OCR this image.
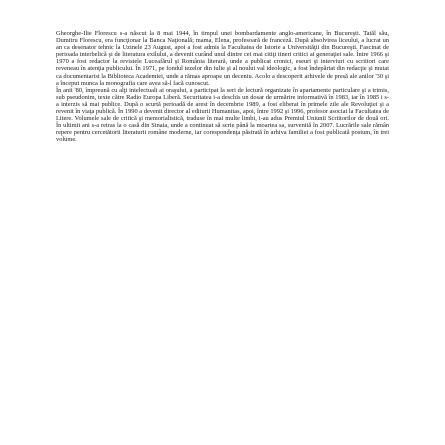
Gheorghe-Ilie Florescu s-a născut la 8 mai 1944, în timpul unei bombardamente anglo-americane, în Bucureşti. Tatăl său, Dumitru Florescu, era funcţionar la Banca Naţională; mama, Elena, profesoară de franceză. După absolvirea liceului, a lucrat un an ca desenator tehnic la Uzinele 23 August, apoi a fost admis la Facultatea de Istorie a Universităţii din Bucureşti. Fascinat de perioada interbelică şi de literatura exilului, a devenit curând unul dintre cei mai citiţi tineri critici ai generaţiei sale. Între 1966 şi 1970 a fost redactor la revistele Luceafărul şi România literară, unde a publicat cronici, eseuri şi interviuri cu scriitori care reveneau în atenţia publicului. În 1971, pe fondul tezelor din iulie şi al noului val ideologic, a fost îndepărtat din redacţie şi mutat ca documentarist la Biblioteca Academiei, unde a rămas aproape un deceniu. Acolo a descoperit arhivele de presă ale anilor '30 şi a început munca la monografia care avea să-l facă cunoscut.

În anii '80, împreună cu alţi intelectuali ai oraşului, a participat la seri de lectură organizate în apartamente particulare şi a trimis, sub pseudonim, texte către Radio Europa Liberă. Securitatea i-a deschis un dosar de urmărire informativă în 1983, iar în 1985 i s-a interzis să mai publice. După o scurtă perioadă de arest în decembrie 1989, a fost eliberat în primele zile ale Revoluţiei şi a revenit în viaţa publică. În 1990 a devenit director al editurii Humanitas, apoi, între 1992 şi 1996, profesor asociat la Facultatea de Litere. Volumele sale de critică şi memorialistică, traduse în mai multe limbi, i-au adus Premiul Uniunii Scriitorilor de două ori. În ultimii ani s-a retras la o casă din Sinaia, unde a continuat să scrie până la moartea sa, survenită în 2007. Lucrările sale rămân repere pentru cercetătorii literaturii române moderne, iar corespondenţa păstrată în arhiva familiei a fost publicată postum, în trei volume.
